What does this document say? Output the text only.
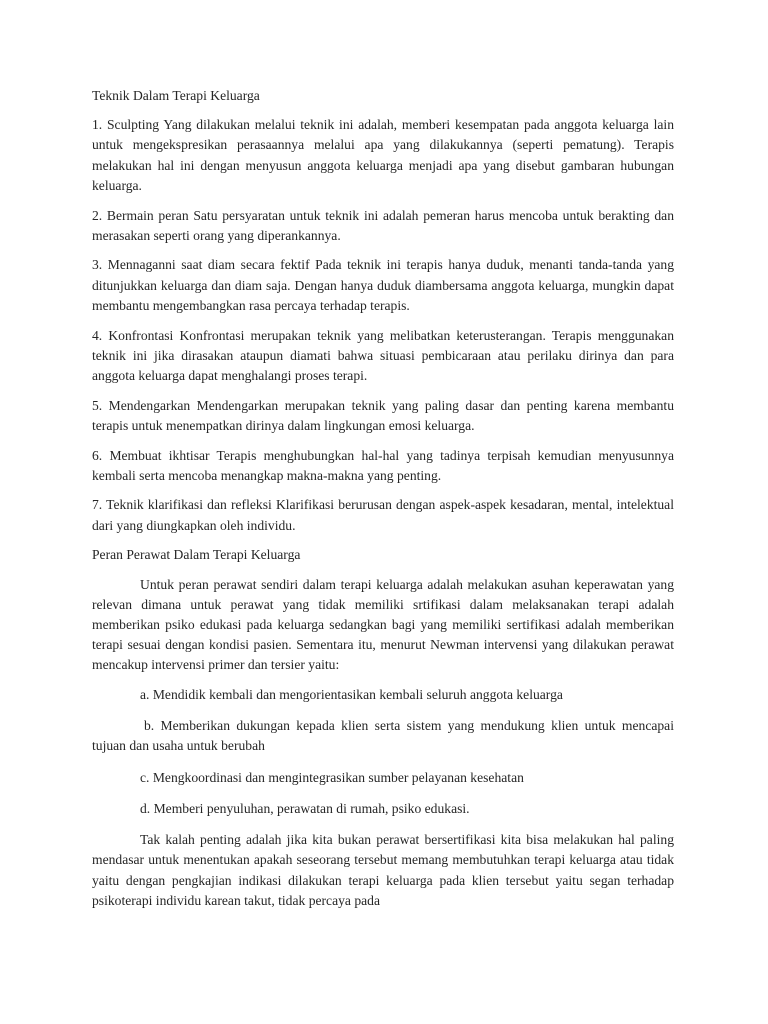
Teknik Dalam Terapi Keluarga

1. Sculpting Yang dilakukan melalui teknik ini adalah, memberi kesempatan pada anggota keluarga lain untuk mengekspresikan perasaannya melalui apa yang dilakukannya (seperti pematung). Terapis melakukan hal ini dengan menyusun anggota keluarga menjadi apa yang disebut gambaran hubungan keluarga.

2. Bermain peran Satu persyaratan untuk teknik ini adalah pemeran harus mencoba untuk berakting dan merasakan seperti orang yang diperankannya.

3. Mennaganni saat diam secara fektif Pada teknik ini terapis hanya duduk, menanti tanda-tanda yang ditunjukkan keluarga dan diam saja. Dengan hanya duduk diambersama anggota keluarga, mungkin dapat membantu mengembangkan rasa percaya terhadap terapis.

4. Konfrontasi Konfrontasi merupakan teknik yang melibatkan keterusterangan. Terapis menggunakan teknik ini jika dirasakan ataupun diamati bahwa situasi pembicaraan atau perilaku dirinya dan para anggota keluarga dapat menghalangi proses terapi.

5. Mendengarkan Mendengarkan merupakan teknik yang paling dasar dan penting karena membantu terapis untuk menempatkan dirinya dalam lingkungan emosi keluarga.

6. Membuat ikhtisar Terapis menghubungkan hal-hal yang tadinya terpisah kemudian menyusunnya kembali serta mencoba menangkap makna-makna yang penting.

7. Teknik klarifikasi dan refleksi Klarifikasi berurusan dengan aspek-aspek kesadaran, mental, intelektual dari yang diungkapkan oleh individu.

Peran Perawat Dalam Terapi Keluarga

Untuk peran perawat sendiri dalam terapi keluarga adalah melakukan asuhan keperawatan yang relevan dimana untuk perawat yang tidak memiliki srtifikasi dalam melaksanakan terapi adalah memberikan psiko edukasi pada keluarga sedangkan bagi yang memiliki sertifikasi adalah memberikan terapi sesuai dengan kondisi pasien. Sementara itu, menurut Newman intervensi yang dilakukan perawat mencakup intervensi primer dan tersier yaitu:

a. Mendidik kembali dan mengorientasikan kembali seluruh anggota keluarga

b. Memberikan dukungan kepada klien serta sistem yang mendukung klien untuk mencapai tujuan dan usaha untuk berubah

c. Mengkoordinasi dan mengintegrasikan sumber pelayanan kesehatan

d. Memberi penyuluhan, perawatan di rumah, psiko edukasi.

Tak kalah penting adalah jika kita bukan perawat bersertifikasi kita bisa melakukan hal paling mendasar untuk menentukan apakah seseorang tersebut memang membutuhkan terapi keluarga atau tidak yaitu dengan pengkajian indikasi dilakukan terapi keluarga pada klien tersebut yaitu segan terhadap psikoterapi individu karean takut, tidak percaya pada
